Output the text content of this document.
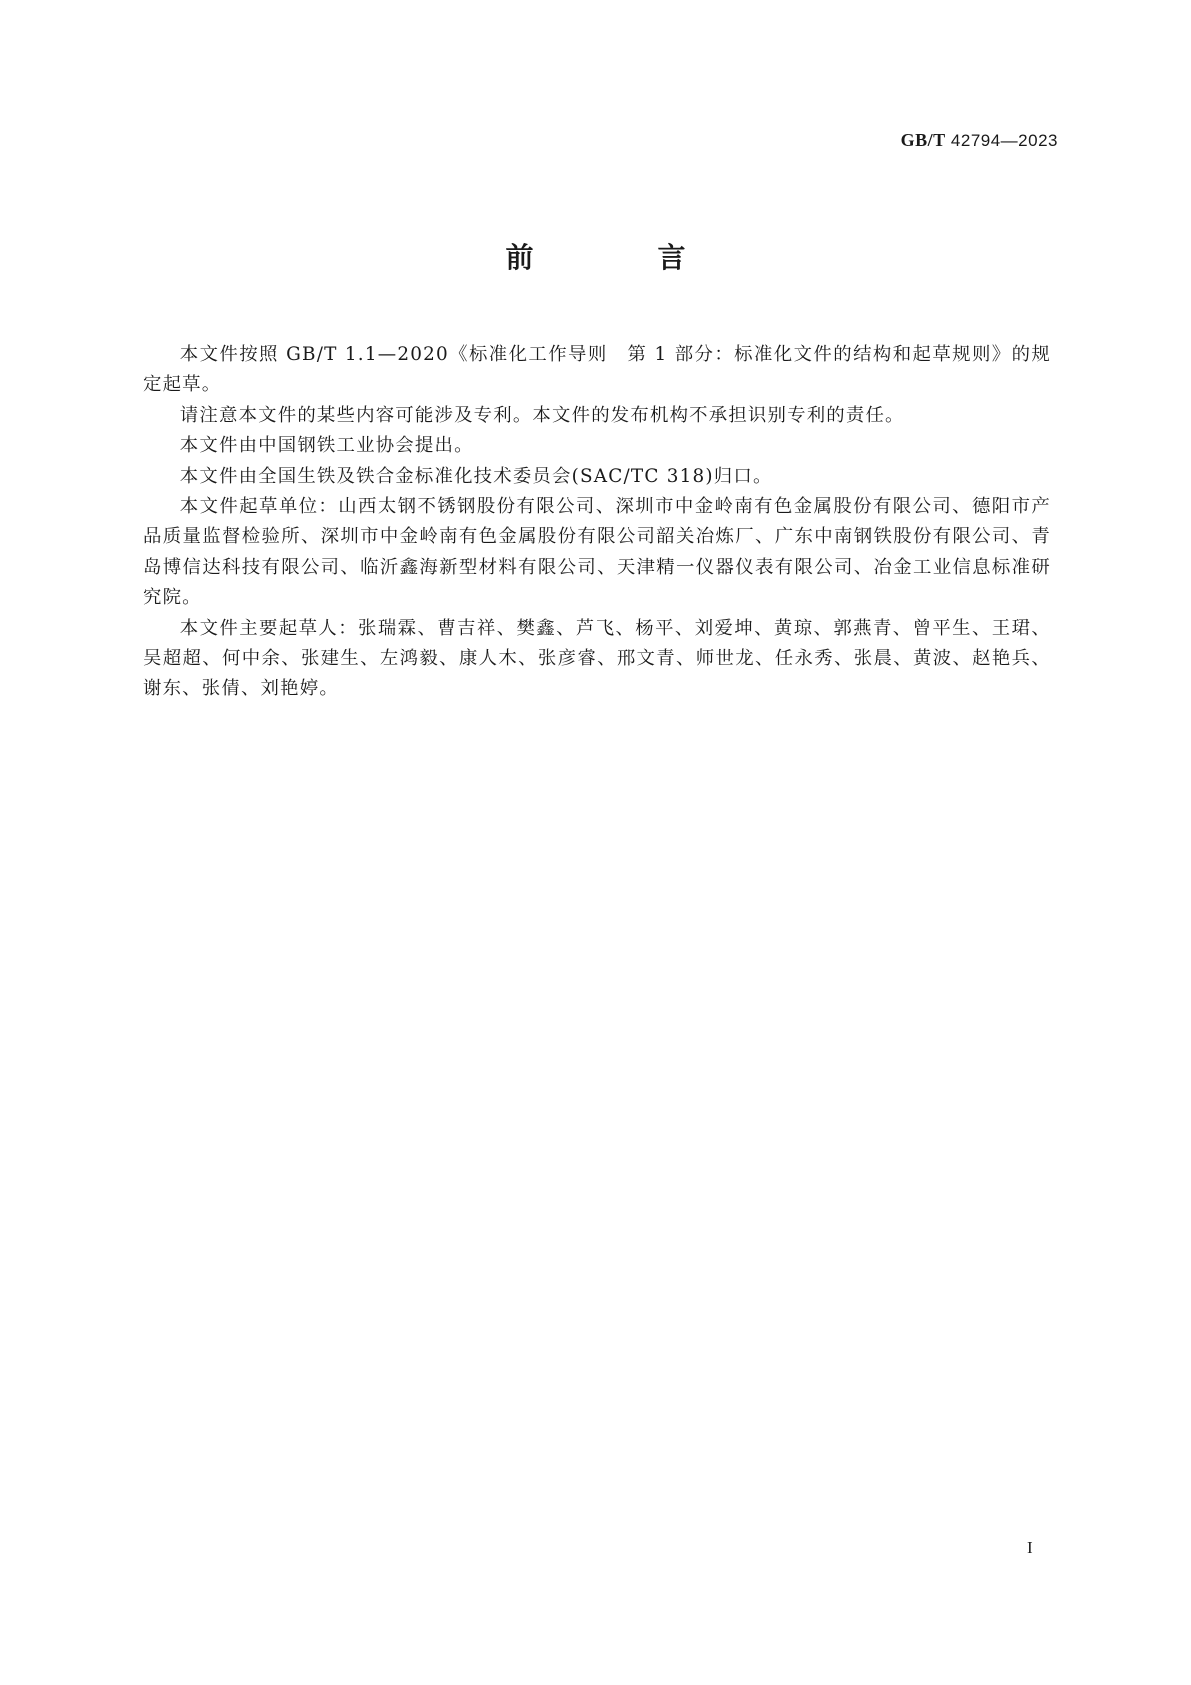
GB/T 42794—2023
前　言

本文件按照 GB/T 1.1—2020《标准化工作导则　第 1 部分：标准化文件的结构和起草规则》的规定起草。

请注意本文件的某些内容可能涉及专利。本文件的发布机构不承担识别专利的责任。

本文件由中国钢铁工业协会提出。

本文件由全国生铁及铁合金标准化技术委员会(SAC/TC 318)归口。

本文件起草单位：山西太钢不锈钢股份有限公司、深圳市中金岭南有色金属股份有限公司、德阳市产品质量监督检验所、深圳市中金岭南有色金属股份有限公司韶关冶炼厂、广东中南钢铁股份有限公司、青岛博信达科技有限公司、临沂鑫海新型材料有限公司、天津精一仪器仪表有限公司、冶金工业信息标准研究院。

本文件主要起草人：张瑞霖、曹吉祥、樊鑫、芦飞、杨平、刘爱坤、黄琼、郭燕青、曾平生、王珺、吴超超、何中余、张建生、左鸿毅、康人木、张彦睿、邢文青、师世龙、任永秀、张晨、黄波、赵艳兵、谢东、张倩、刘艳婷。

I
